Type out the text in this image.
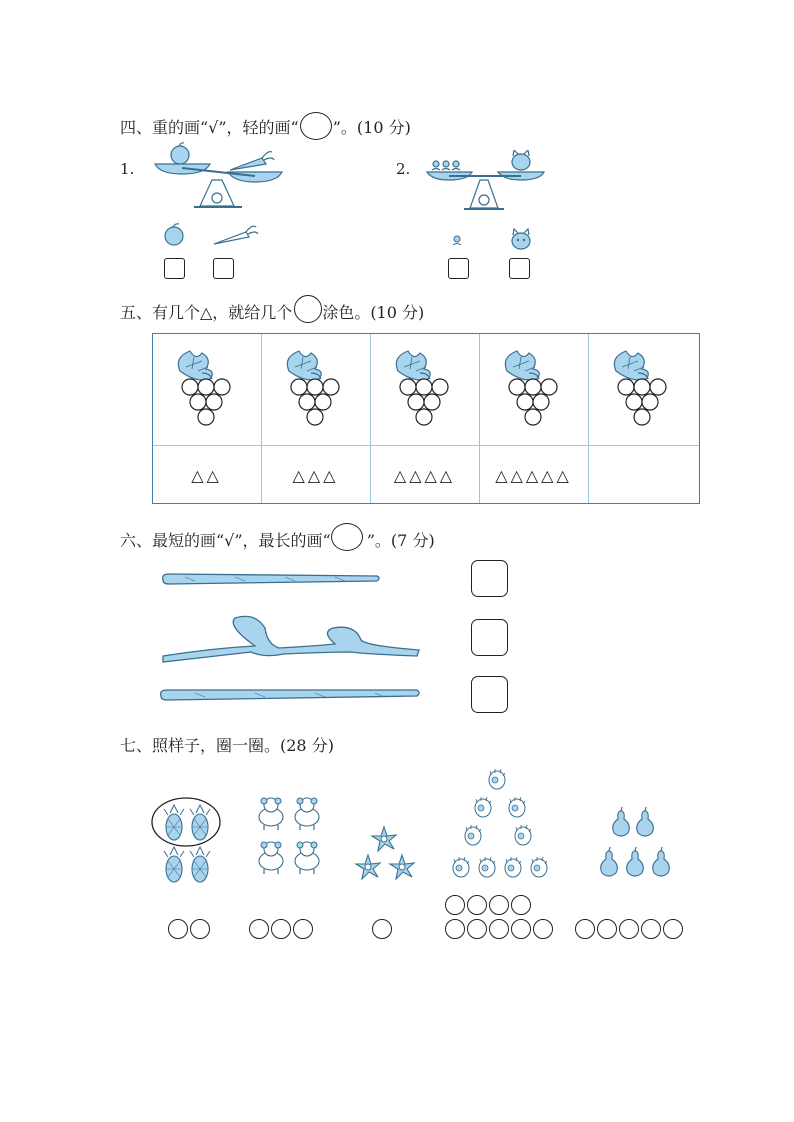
四、重的画“√”，轻的画“ ”。(10 分)
1.	2.
五、有几个△，就给几个 涂色。(10 分)
△△	△△△	△△△△	△△△△△
六、最短的画“√”，最长的画“ ”。(7 分)
七、照样子，圈一圈。(28 分)
